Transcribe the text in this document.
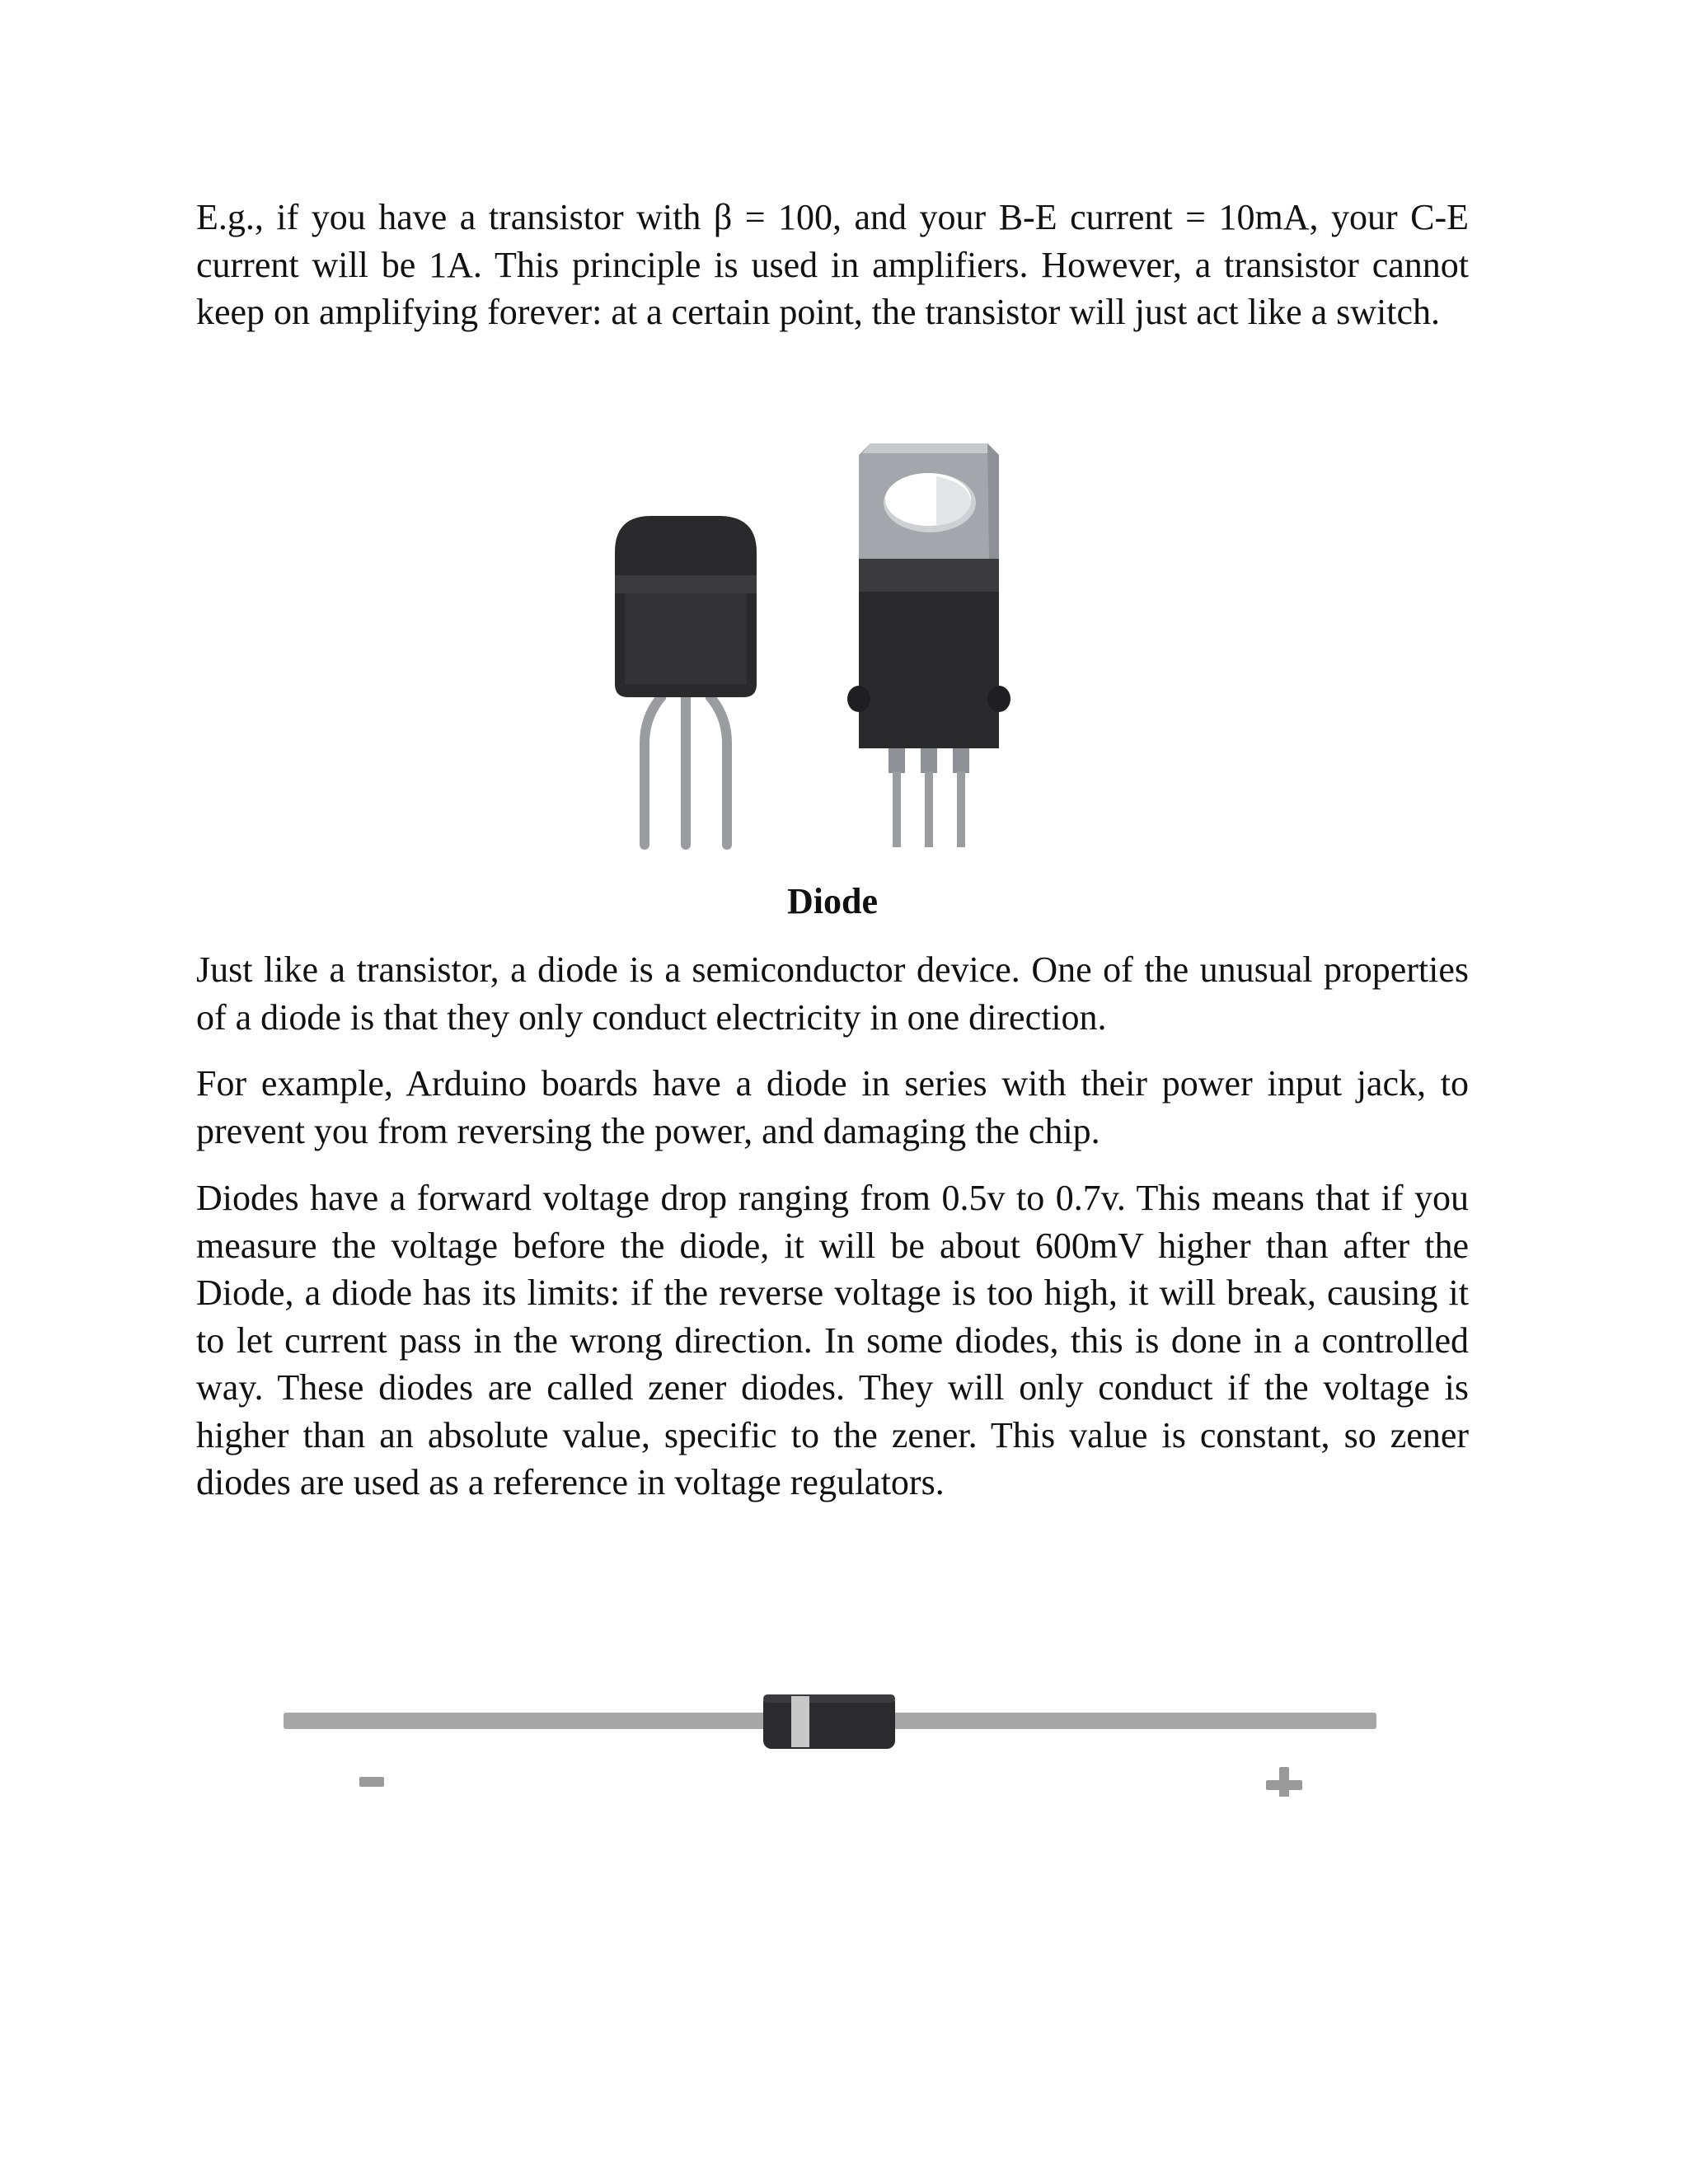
E.g., if you have a transistor with β = 100, and your B-E current = 10mA, your C-E current will be 1A. This principle is used in amplifiers. However, a transistor cannot keep on amplifying forever: at a certain point, the transistor will just act like a switch.

Diode

Just like a transistor, a diode is a semiconductor device. One of the unusual properties of a diode is that they only conduct electricity in one direction.

For example, Arduino boards have a diode in series with their power input jack, to prevent you from reversing the power, and damaging the chip.

Diodes have a forward voltage drop ranging from 0.5v to 0.7v. This means that if you measure the voltage before the diode, it will be about 600mV higher than after the Diode, a diode has its limits: if the reverse voltage is too high, it will break, causing it to let current pass in the wrong direction. In some diodes, this is done in a controlled way. These diodes are called zener diodes. They will only conduct if the voltage is higher than an absolute value, specific to the zener. This value is constant, so zener diodes are used as a reference in voltage regulators.
